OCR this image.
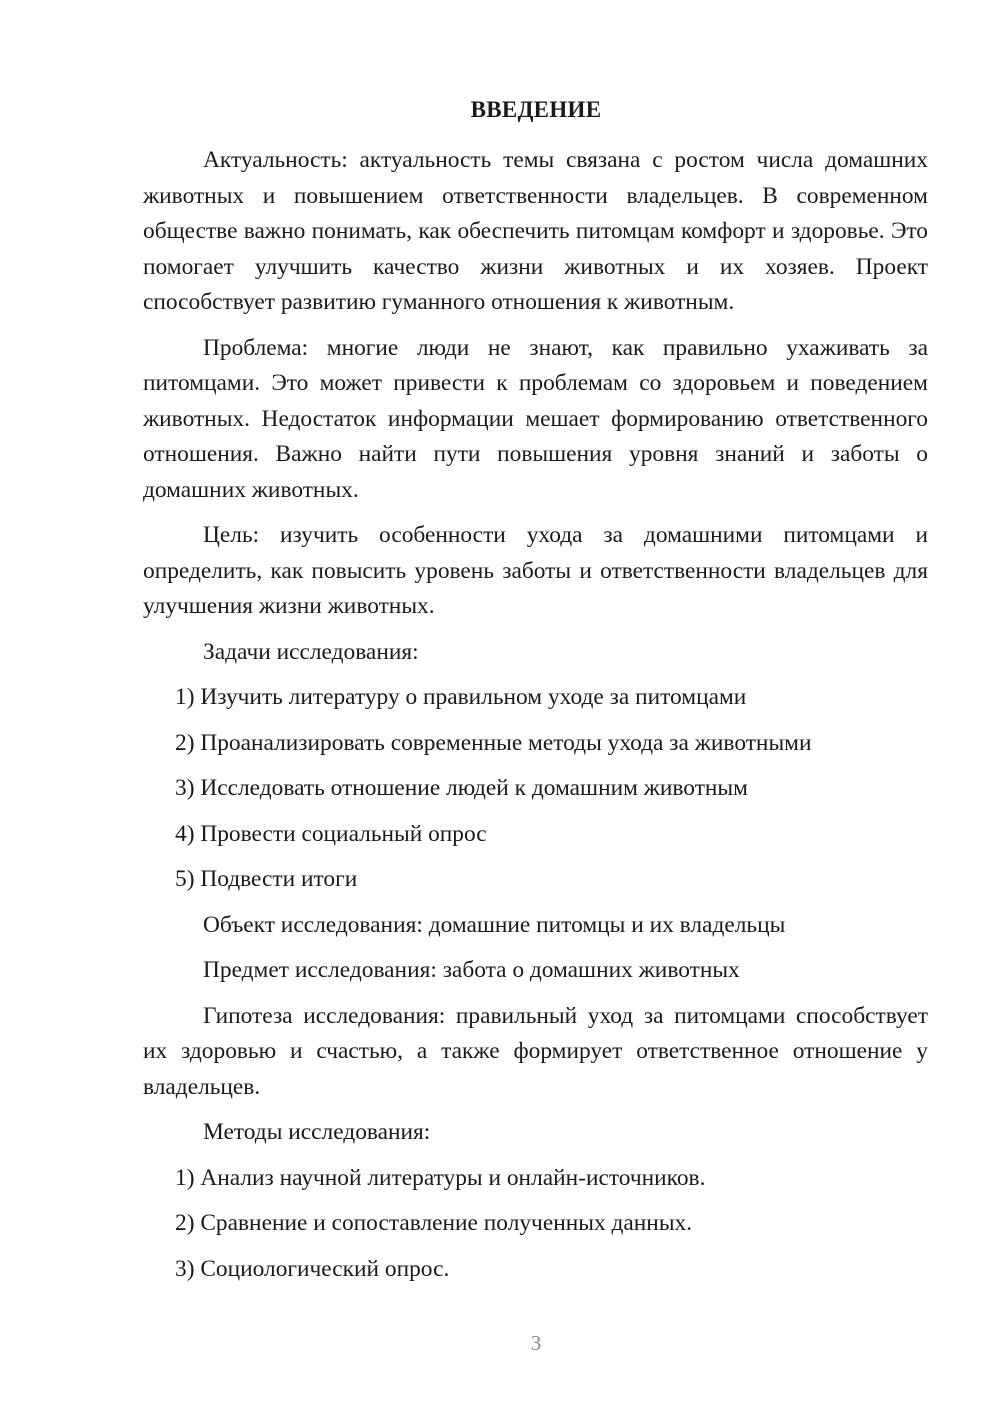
ВВЕДЕНИЕ

Актуальность: актуальность темы связана с ростом числа домашних животных и повышением ответственности владельцев. В современном обществе важно понимать, как обеспечить питомцам комфорт и здоровье. Это помогает улучшить качество жизни животных и их хозяев. Проект способствует развитию гуманного отношения к животным.

Проблема: многие люди не знают, как правильно ухаживать за питомцами. Это может привести к проблемам со здоровьем и поведением животных. Недостаток информации мешает формированию ответственного отношения. Важно найти пути повышения уровня знаний и заботы о домашних животных.

Цель: изучить особенности ухода за домашними питомцами и определить, как повысить уровень заботы и ответственности владельцев для улучшения жизни животных.

Задачи исследования:

1) Изучить литературу о правильном уходе за питомцами

2) Проанализировать современные методы ухода за животными

3) Исследовать отношение людей к домашним животным

4) Провести социальный опрос

5) Подвести итоги

Объект исследования: домашние питомцы и их владельцы

Предмет исследования: забота о домашних животных

Гипотеза исследования: правильный уход за питомцами способствует их здоровью и счастью, а также формирует ответственное отношение у владельцев.

Методы исследования:

1) Анализ научной литературы и онлайн-источников.

2) Сравнение и сопоставление полученных данных.

3) Социологический опрос.

3
